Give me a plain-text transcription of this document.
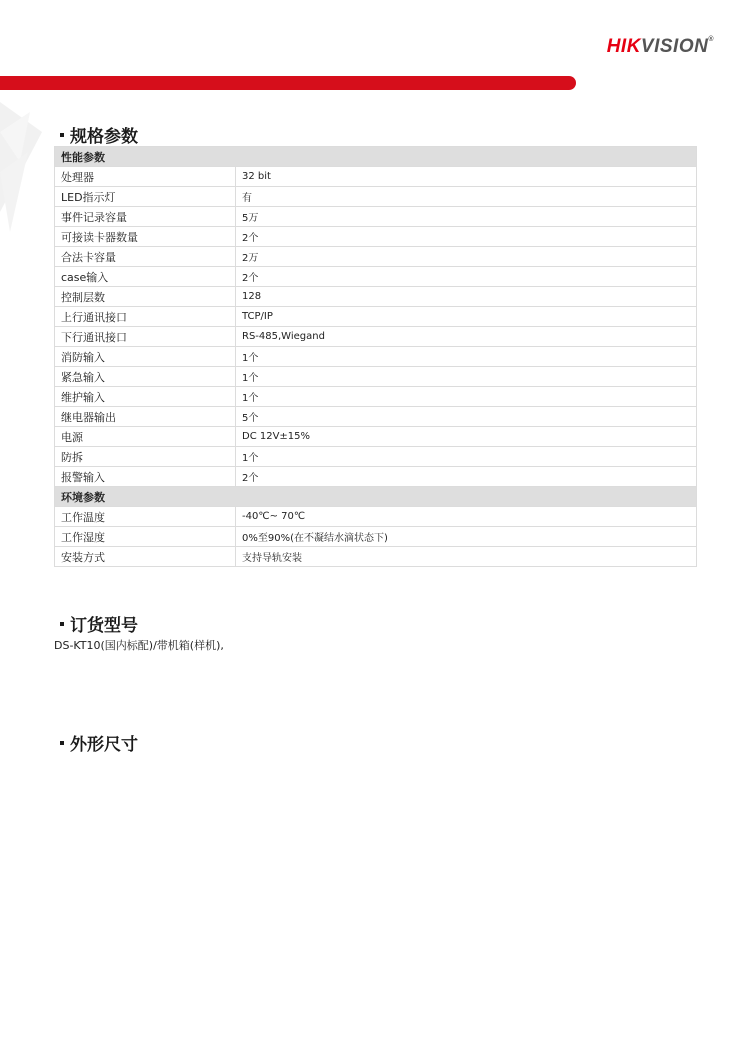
HIKVISION®
规格参数
性能参数	
处理器	32 bit
LED指示灯	有
事件记录容量	5万
可接读卡器数量	2个
合法卡容量	2万
case输入	2个
控制层数	128
上行通讯接口	TCP/IP
下行通讯接口	RS-485,Wiegand
消防输入	1个
紧急输入	1个
维护输入	1个
继电器输出	5个
电源	DC 12V±15%
防拆	1个
报警输入	2个
环境参数	
工作温度	-40℃~ 70℃
工作湿度	0%至90%(在不凝结水滴状态下)
安装方式	支持导轨安装
订货型号
DS-KT10(国内标配)/带机箱(样机),
外形尺寸
